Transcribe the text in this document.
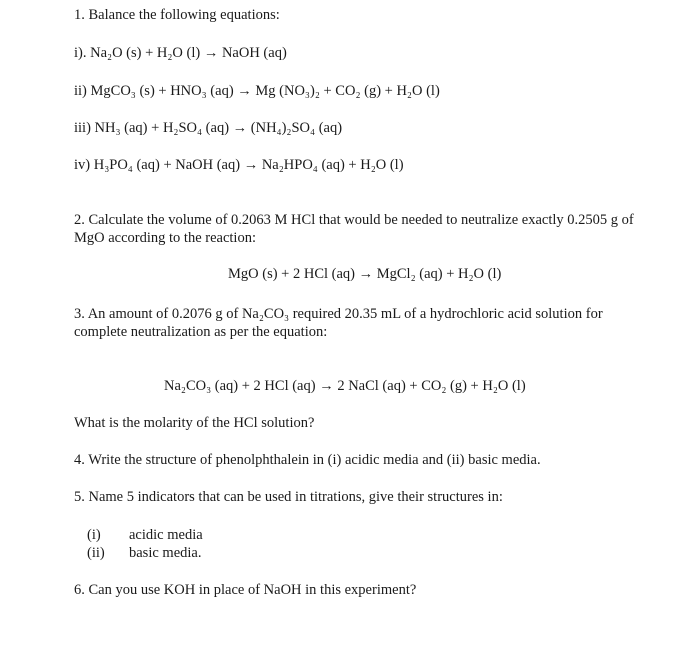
1. Balance the following equations:
i). Na₂O (s) + H₂O (l) → NaOH (aq)
ii) MgCO₃ (s) + HNO₃ (aq) → Mg (NO₃)₂ + CO₂ (g) + H₂O (l)
iii) NH₃ (aq) + H₂SO₄ (aq) → (NH₄)₂SO₄ (aq)
iv) H₃PO₄ (aq) + NaOH (aq) → Na₂HPO₄ (aq) + H₂O (l)
2. Calculate the volume of 0.2063 M HCl that would be needed to neutralize exactly 0.2505 g of
MgO according to the reaction:
MgO (s) + 2 HCl (aq) → MgCl₂ (aq) + H₂O (l)
3. An amount of 0.2076 g of Na₂CO₃ required 20.35 mL of a hydrochloric acid solution for
complete neutralization as per the equation:
Na₂CO₃ (aq) + 2 HCl (aq) → 2 NaCl (aq) + CO₂ (g) + H₂O (l)
What is the molarity of the HCl solution?
4. Write the structure of phenolphthalein in (i) acidic media and (ii) basic media.
5. Name 5 indicators that can be used in titrations, give their structures in:
(i) acidic media
(ii) basic media.
6. Can you use KOH in place of NaOH in this experiment?
